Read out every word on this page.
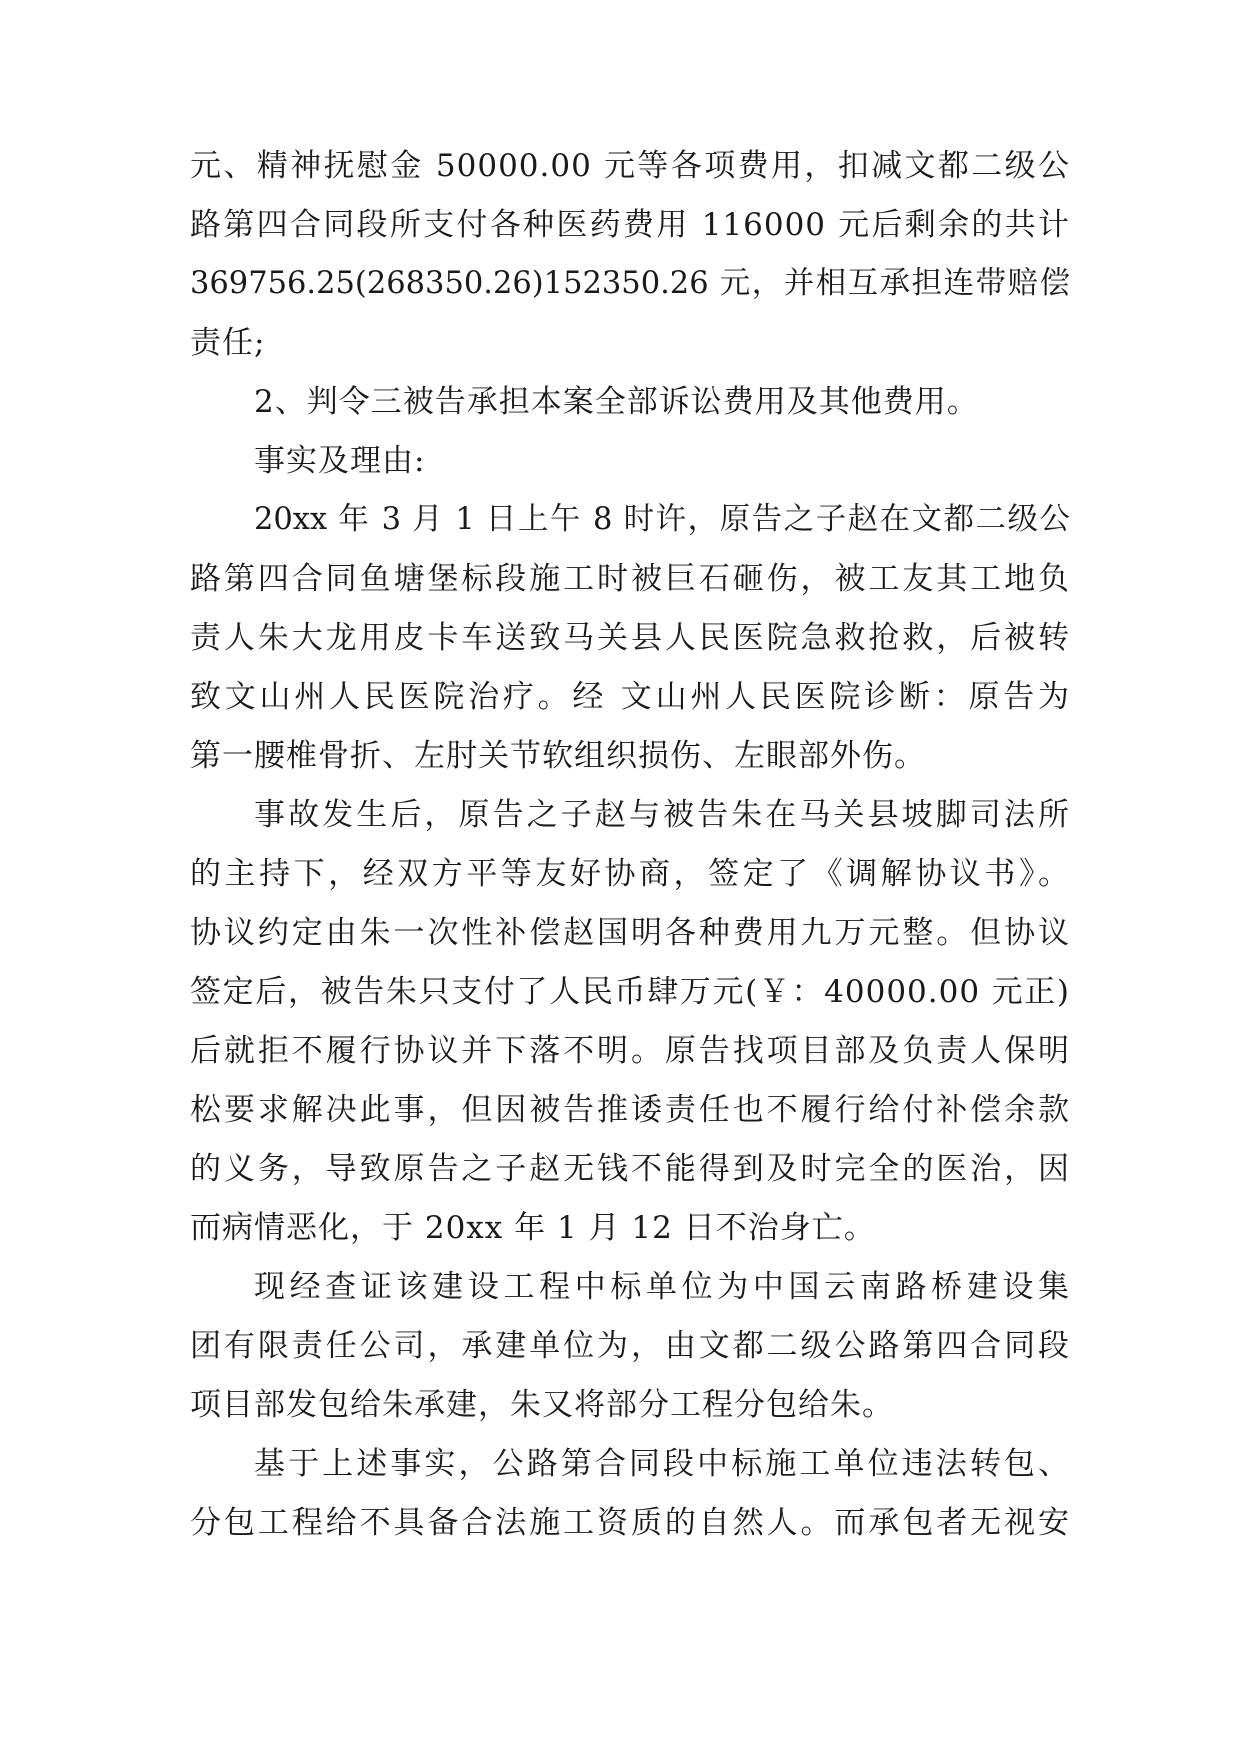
元、精神抚慰金 50000.00 元等各项费用，扣减文都二级公
路第四合同段所支付各种医药费用 116000 元后剩余的共计
369756.25(268350.26)152350.26 元，并相互承担连带赔偿
责任;
2、判令三被告承担本案全部诉讼费用及其他费用。
事实及理由:
20xx 年 3 月 1 日上午 8 时许，原告之子赵在文都二级公
路第四合同鱼塘堡标段施工时被巨石砸伤，被工友其工地负
责人朱大龙用皮卡车送致马关县人民医院急救抢救，后被转
致文山州人民医院治疗。经 文山州人民医院诊断：原告为
第一腰椎骨折、左肘关节软组织损伤、左眼部外伤。
事故发生后，原告之子赵与被告朱在马关县坡脚司法所
的主持下，经双方平等友好协商，签定了《调解协议书》。
协议约定由朱一次性补偿赵国明各种费用九万元整。但协议
签定后，被告朱只支付了人民币肆万元(￥：40000.00 元正)
后就拒不履行协议并下落不明。原告找项目部及负责人保明
松要求解决此事，但因被告推诿责任也不履行给付补偿余款
的义务，导致原告之子赵无钱不能得到及时完全的医治，因
而病情恶化，于 20xx 年 1 月 12 日不治身亡。
现经查证该建设工程中标单位为中国云南路桥建设集
团有限责任公司，承建单位为，由文都二级公路第四合同段
项目部发包给朱承建，朱又将部分工程分包给朱。
基于上述事实，公路第合同段中标施工单位违法转包、
分包工程给不具备合法施工资质的自然人。而承包者无视安
